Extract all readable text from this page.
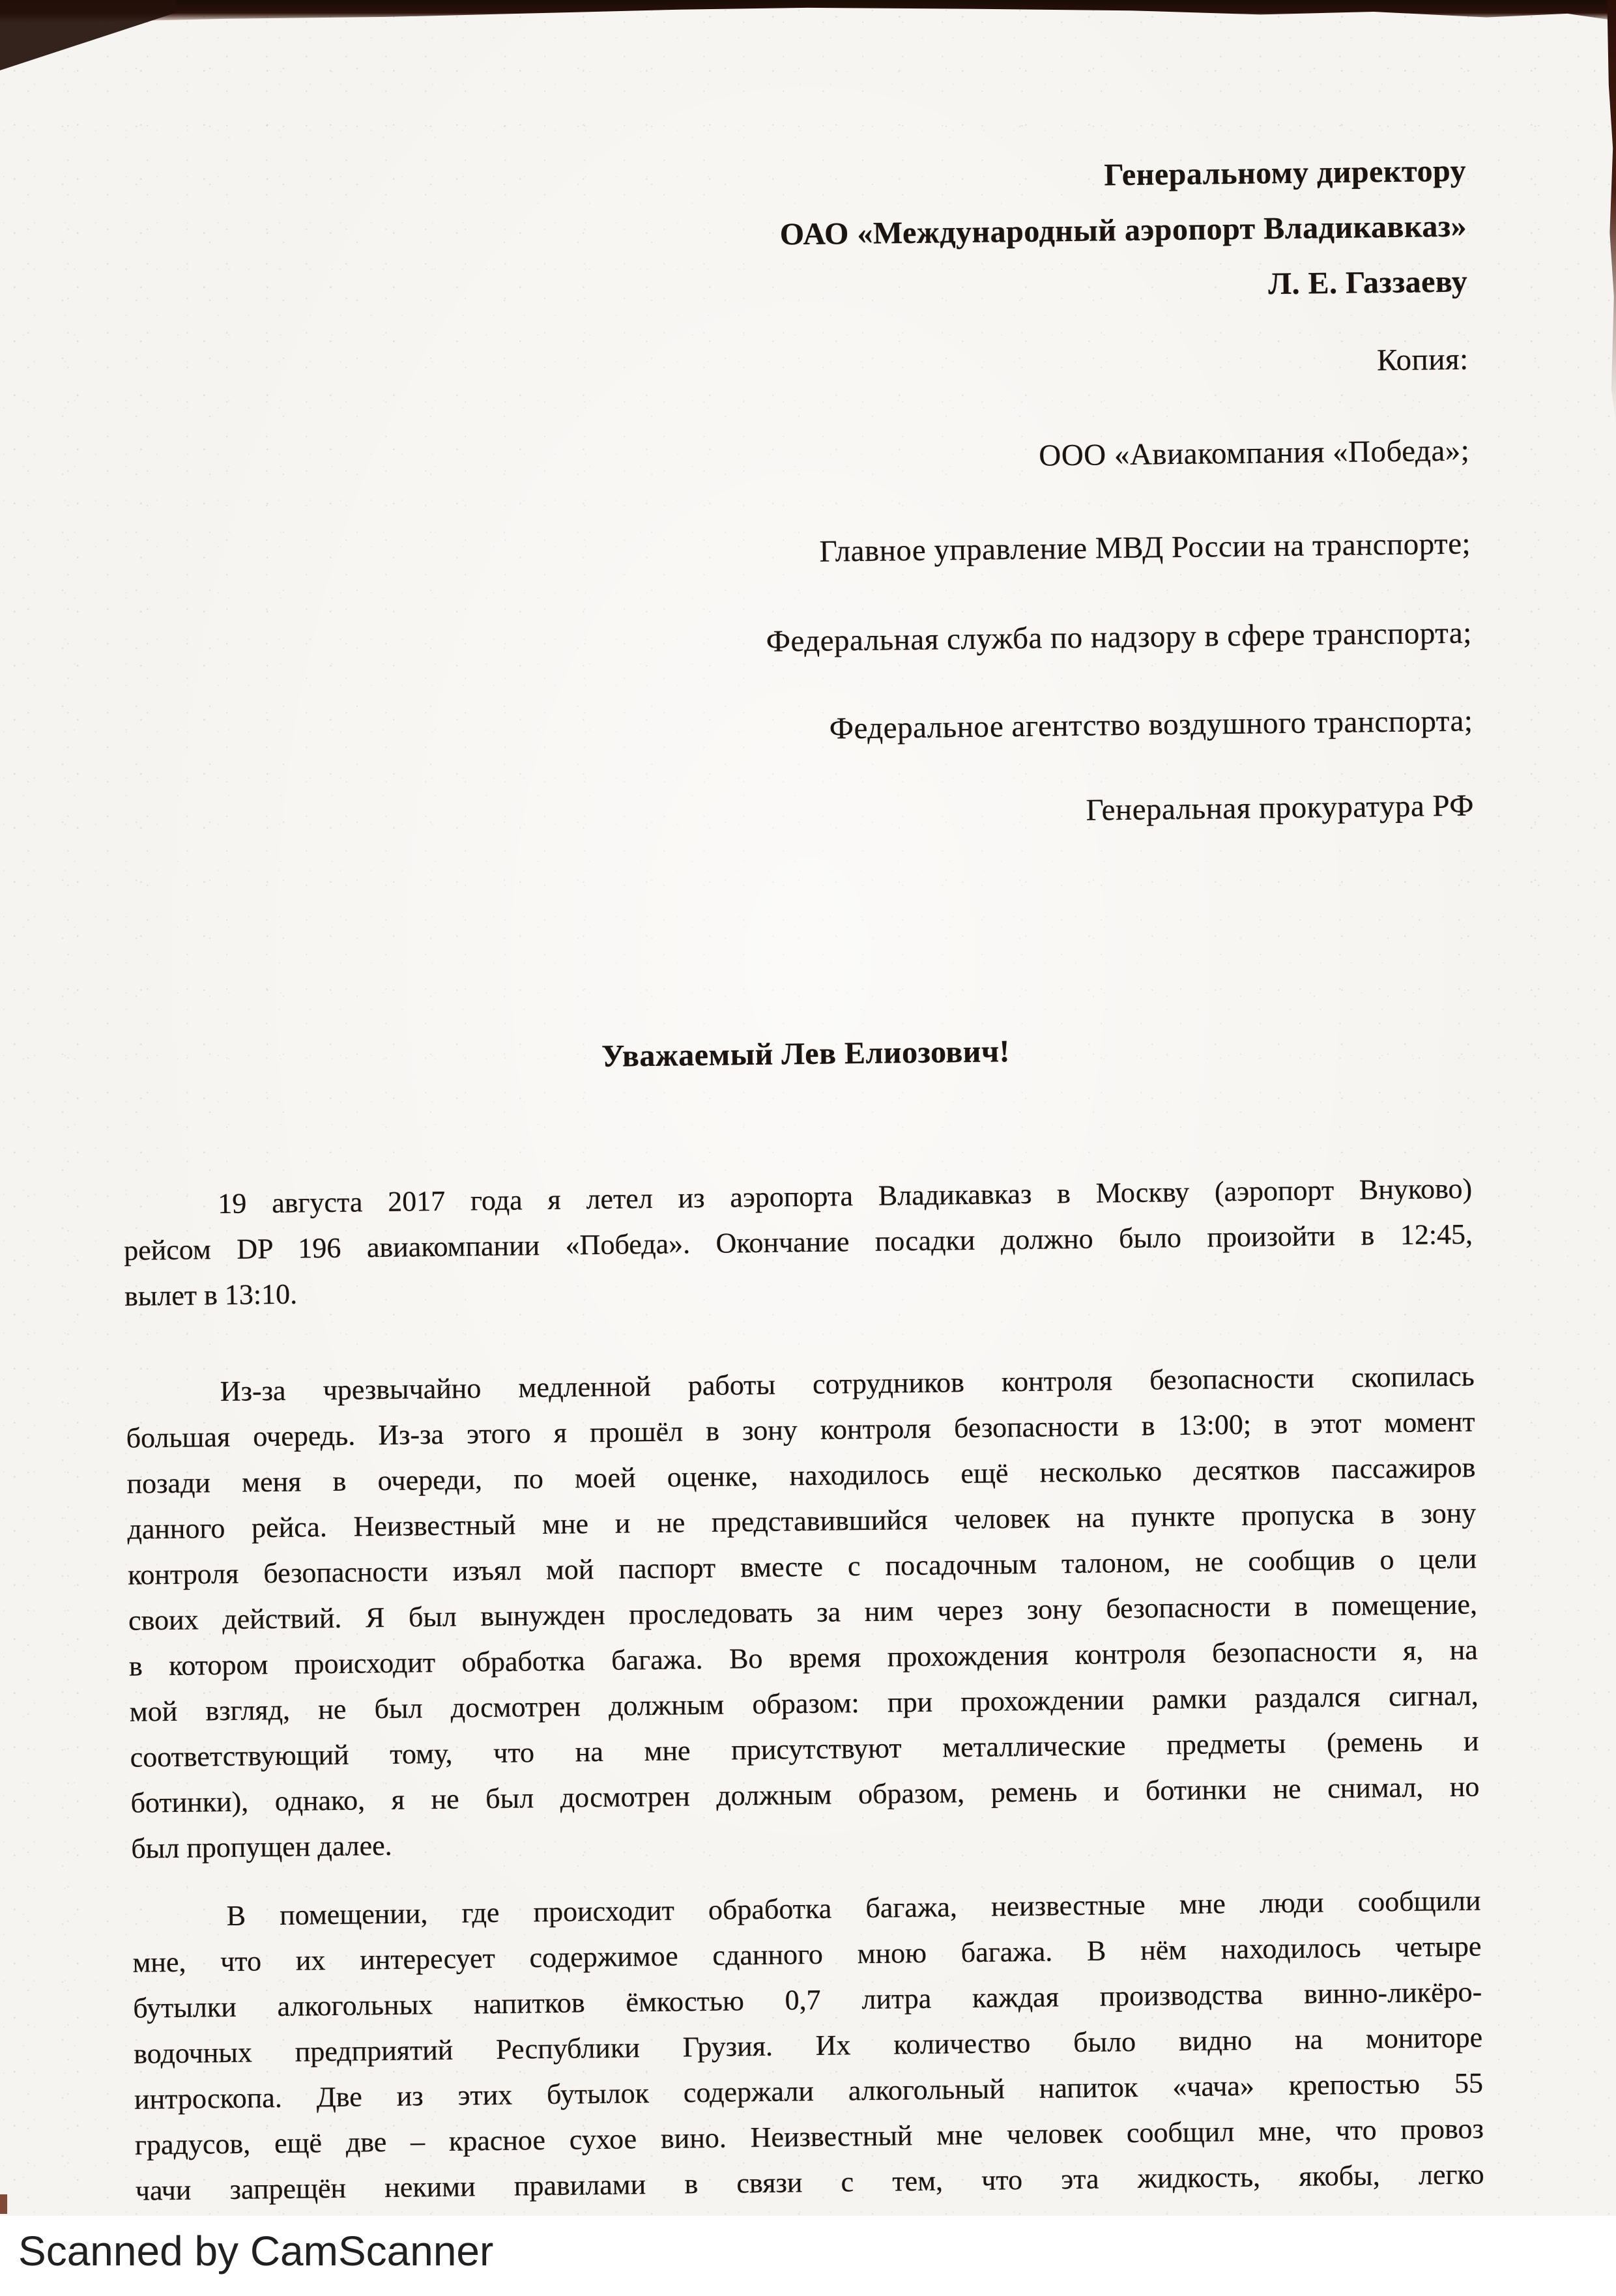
Генеральному директору
ОАО «Международный аэропорт Владикавказ»
Л. Е. Газзаеву
Копия:
ООО «Авиакомпания «Победа»;
Главное управление МВД России на транспорте;
Федеральная служба по надзору в сфере транспорта;
Федеральное агентство воздушного транспорта;
Генеральная прокуратура РФ
Уважаемый Лев Елиозович!
19 августа 2017 года я летел из аэропорта Владикавказ в Москву (аэропорт Внуково)
рейсом DP 196 авиакомпании «Победа». Окончание посадки должно было произойти в 12:45,
вылет в 13:10.
Из-за чрезвычайно медленной работы сотрудников контроля безопасности скопилась
большая очередь. Из-за этого я прошёл в зону контроля безопасности в 13:00; в этот момент
позади меня в очереди, по моей оценке, находилось ещё несколько десятков пассажиров
данного рейса. Неизвестный мне и не представившийся человек на пункте пропуска в зону
контроля безопасности изъял мой паспорт вместе с посадочным талоном, не сообщив о цели
своих действий. Я был вынужден проследовать за ним через зону безопасности в помещение,
в котором происходит обработка багажа. Во время прохождения контроля безопасности я, на
мой взгляд, не был досмотрен должным образом: при прохождении рамки раздался сигнал,
соответствующий тому, что на мне присутствуют металлические предметы (ремень и
ботинки), однако, я не был досмотрен должным образом, ремень и ботинки не снимал, но
был пропущен далее.
В помещении, где происходит обработка багажа, неизвестные мне люди сообщили
мне, что их интересует содержимое сданного мною багажа. В нём находилось четыре
бутылки алкогольных напитков ёмкостью 0,7 литра каждая производства винно-ликёро-
водочных предприятий Республики Грузия. Их количество было видно на мониторе
интроскопа. Две из этих бутылок содержали алкогольный напиток «чача» крепостью 55
градусов, ещё две – красное сухое вино. Неизвестный мне человек сообщил мне, что провоз
чачи запрещён некими правилами в связи с тем, что эта жидкость, якобы, легко
Scanned by CamScanner
